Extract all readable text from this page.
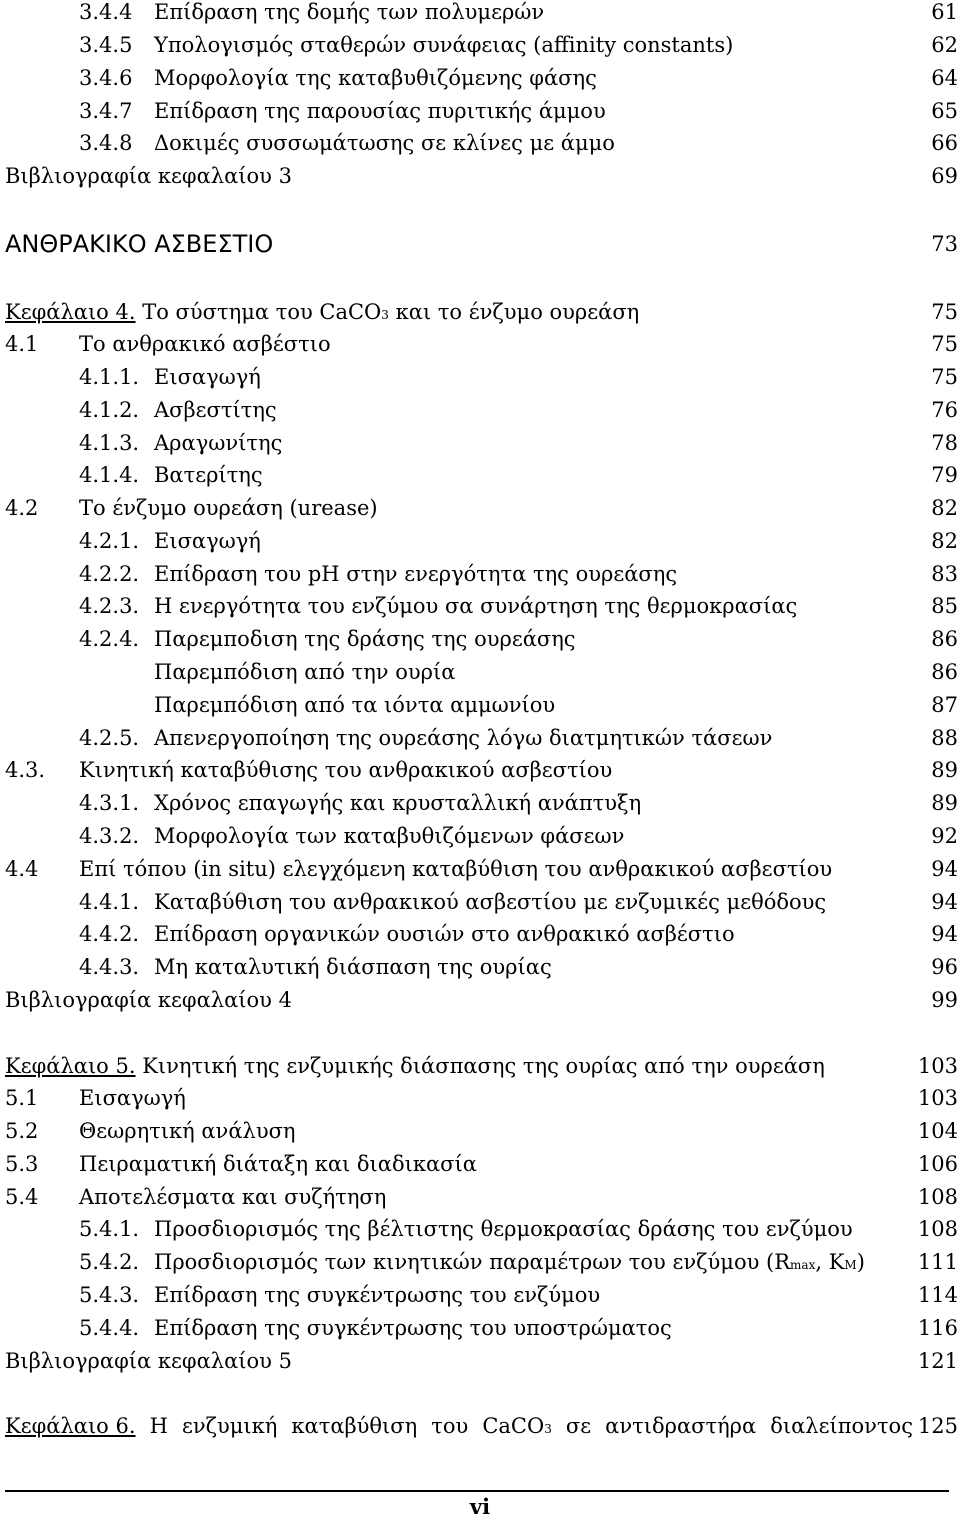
3.4.4 Επίδραση της δομής των πολυμερών	61
3.4.5 Υπολογισμός σταθερών συνάφειας (affinity constants)	62
3.4.6 Μορφολογία της καταβυθιζόμενης φάσης	64
3.4.7 Επίδραση της παρουσίας πυριτικής άμμου	65
3.4.8 Δοκιμές συσσωμάτωσης σε κλίνες με άμμο	66
Βιβλιογραφία κεφαλαίου 3	69
ΑΝΘΡΑΚΙΚΟ ΑΣΒΕΣΤΙΟ	73
Κεφάλαιο 4. Το σύστημα του CaCO3 και το ένζυμο ουρεάση	75
4.1 Το ανθρακικό ασβέστιο	75
4.1.1. Εισαγωγή	75
4.1.2. Ασβεστίτης	76
4.1.3. Αραγωνίτης	78
4.1.4. Βατερίτης	79
4.2 Το ένζυμο ουρεάση (urease)	82
4.2.1. Εισαγωγή	82
4.2.2. Επίδραση του pH στην ενεργότητα της ουρεάσης	83
4.2.3. Η ενεργότητα του ενζύμου σα συνάρτηση της θερμοκρασίας	85
4.2.4. Παρεμποδιση της δράσης της ουρεάσης	86
Παρεμπόδιση από την ουρία	86
Παρεμπόδιση από τα ιόντα αμμωνίου	87
4.2.5. Απενεργοποίηση της ουρεάσης λόγω διατμητικών τάσεων	88
4.3. Κινητική καταβύθισης του ανθρακικού ασβεστίου	89
4.3.1. Χρόνος επαγωγής και κρυσταλλική ανάπτυξη	89
4.3.2. Μορφολογία των καταβυθιζόμενων φάσεων	92
4.4 Επί τόπου (in situ) ελεγχόμενη καταβύθιση του ανθρακικού ασβεστίου	94
4.4.1. Καταβύθιση του ανθρακικού ασβεστίου με ενζυμικές μεθόδους	94
4.4.2. Επίδραση οργανικών ουσιών στο ανθρακικό ασβέστιο	94
4.4.3. Μη καταλυτική διάσπαση της ουρίας	96
Βιβλιογραφία κεφαλαίου 4	99
Κεφάλαιο 5. Κινητική της ενζυμικής διάσπασης της ουρίας από την ουρεάση	103
5.1 Εισαγωγή	103
5.2 Θεωρητική ανάλυση	104
5.3 Πειραματική διάταξη και διαδικασία	106
5.4 Αποτελέσματα και συζήτηση	108
5.4.1. Προσδιορισμός της βέλτιστης θερμοκρασίας δράσης του ενζύμου	108
5.4.2. Προσδιορισμός των κινητικών παραμέτρων του ενζύμου (Rmax, KM)	111
5.4.3. Επίδραση της συγκέντρωσης του ενζύμου	114
5.4.4. Επίδραση της συγκέντρωσης του υποστρώματος	116
Βιβλιογραφία κεφαλαίου 5	121
Κεφάλαιο 6. Η ενζυμική καταβύθιση του CaCO3 σε αντιδραστήρα διαλείποντος 125
vi
